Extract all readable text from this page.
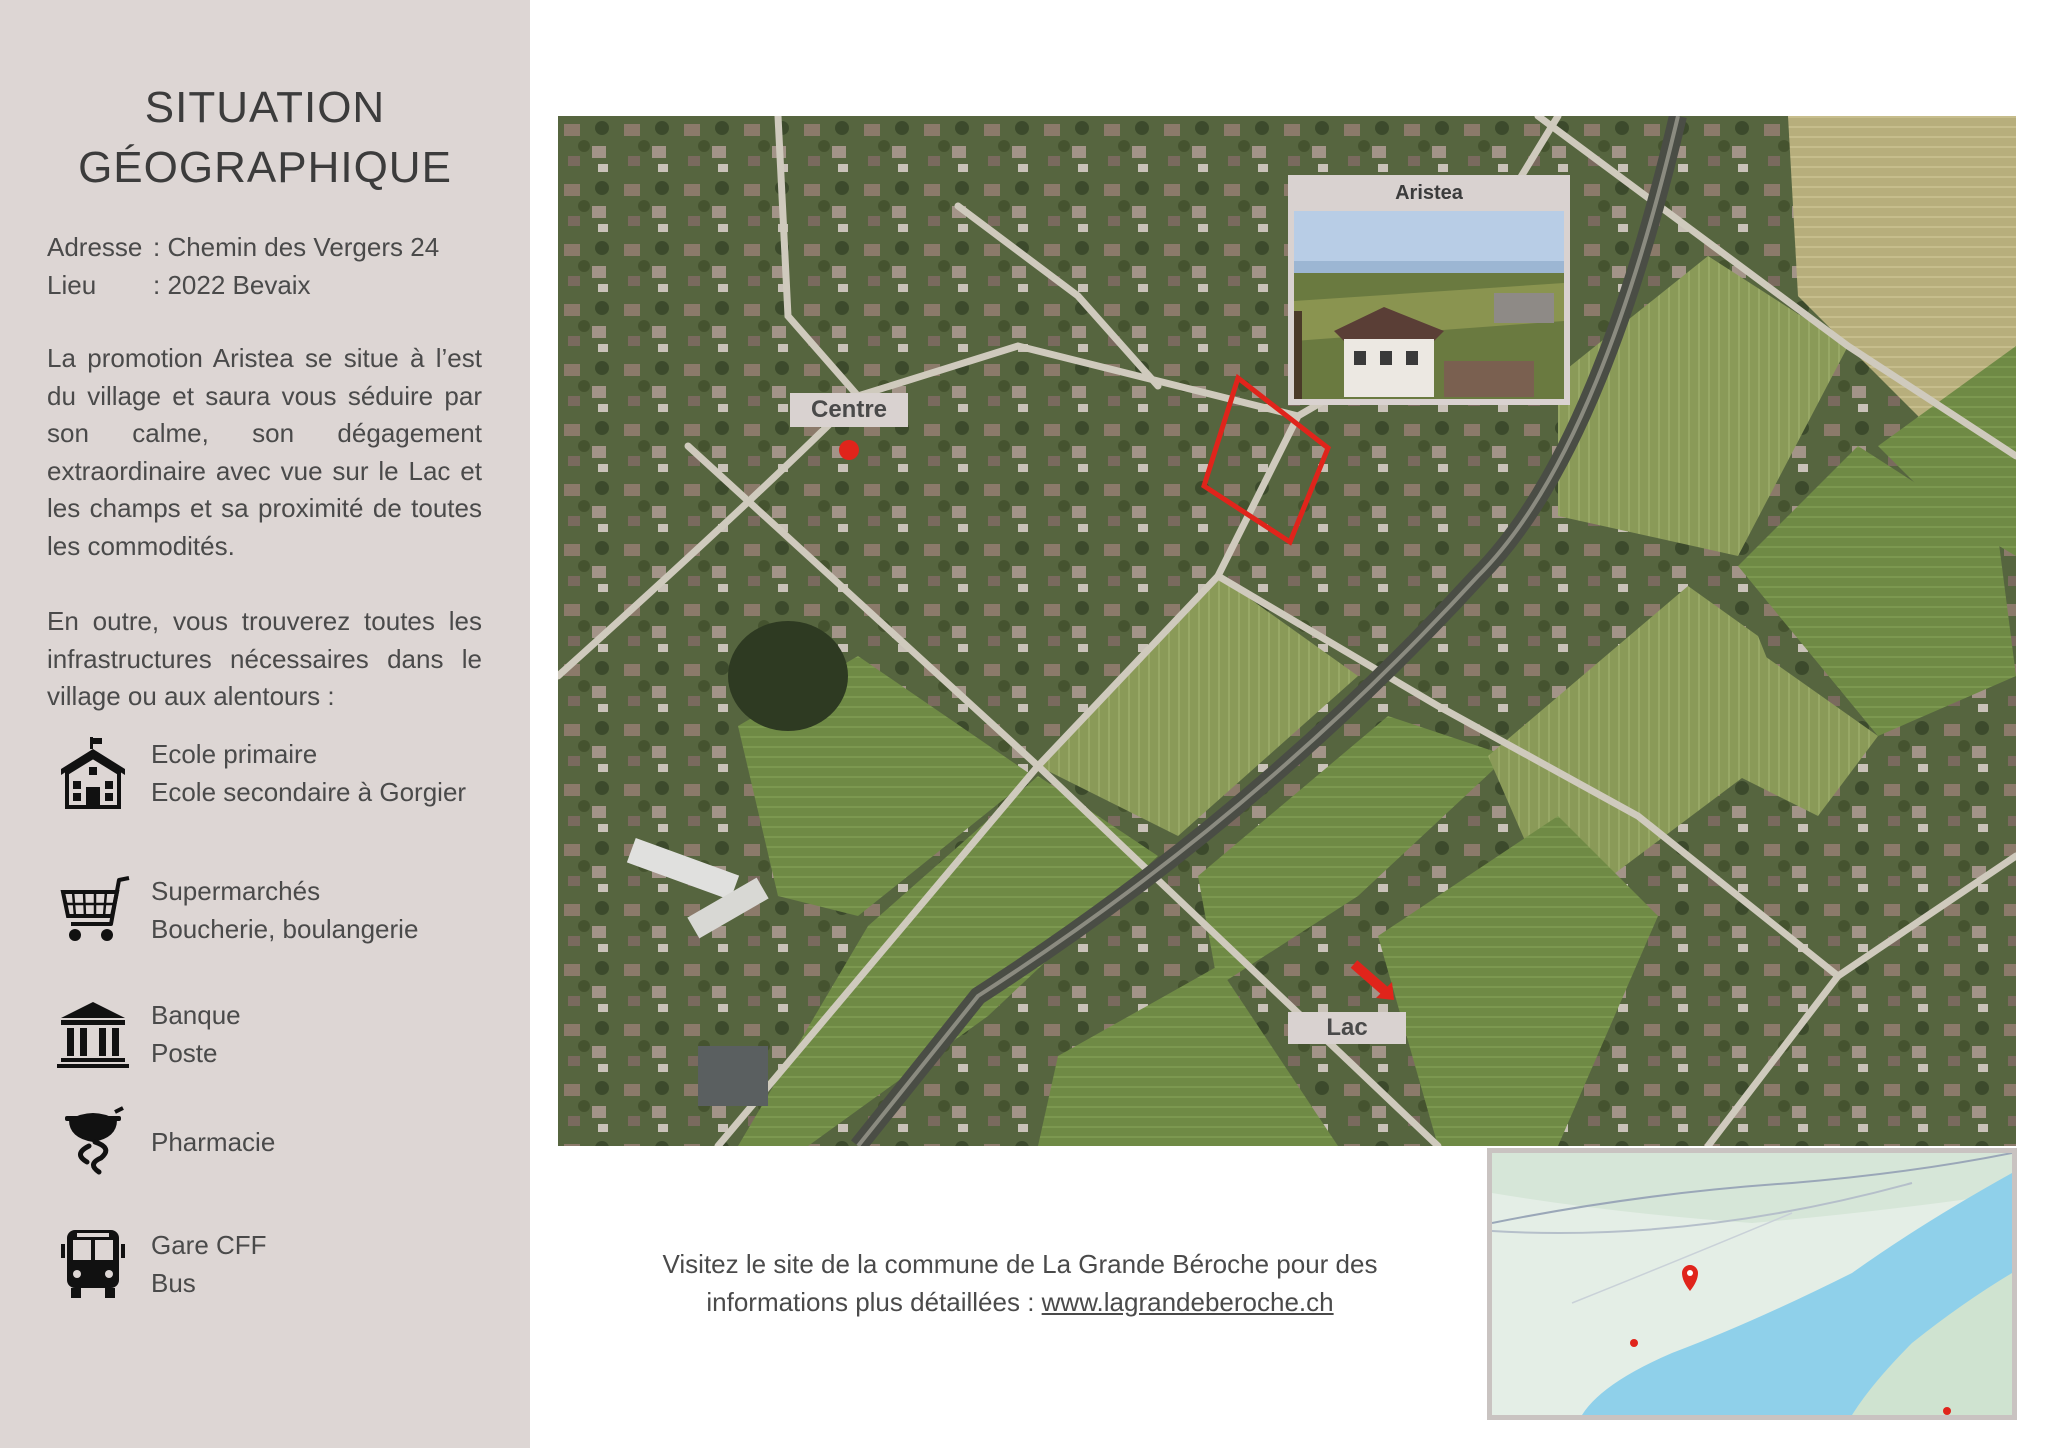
SITUATION
GÉOGRAPHIQUE
Adresse : Chemin des Vergers 24
Lieu	: 2022 Bevaix
La promotion Aristea se situe à l’est du village et saura vous séduire par son calme, son dégagement extraordinaire avec vue sur le Lac et les champs et sa proximité de toutes les commodités.
En outre, vous trouverez toutes les infrastructures nécessaires dans le village ou aux alentours :
Ecole primaire
Ecole secondaire à Gorgier
Supermarchés
Boucherie, boulangerie
Banque
Poste
Pharmacie
Gare CFF
Bus
Centre
Lac
Aristea
Visitez le site de la commune de La Grande Béroche pour des
informations plus détaillées : www.lagrandeberoche.ch
